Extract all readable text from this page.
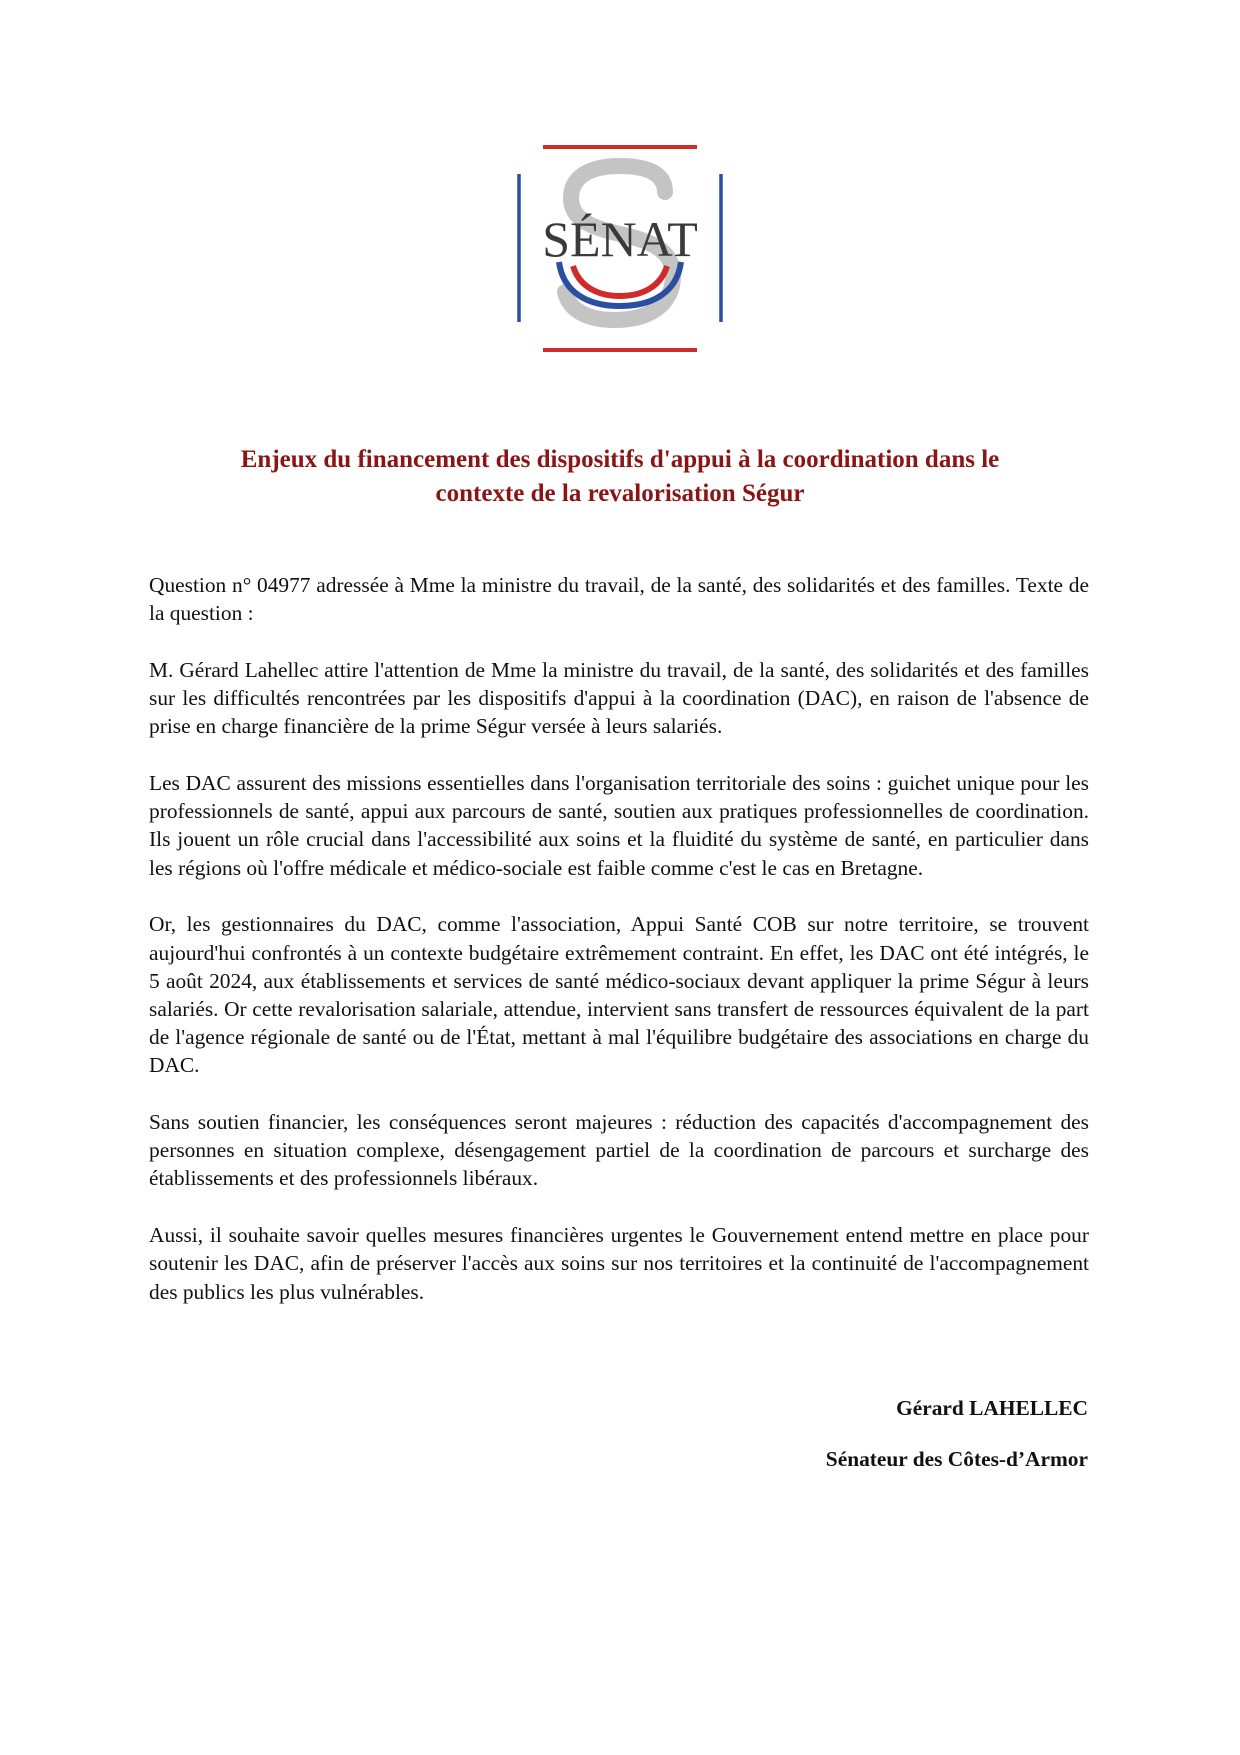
SÉNAT
Enjeux du financement des dispositifs d'appui à la coordination dans le
contexte de la revalorisation Ségur

Question n° 04977 adressée à Mme la ministre du travail, de la santé, des solidarités et des familles. Texte de la question :

M. Gérard Lahellec attire l'attention de Mme la ministre du travail, de la santé, des solidarités et des familles sur les difficultés rencontrées par les dispositifs d'appui à la coordination (DAC), en raison de l'absence de prise en charge financière de la prime Ségur versée à leurs salariés.

Les DAC assurent des missions essentielles dans l'organisation territoriale des soins : guichet unique pour les professionnels de santé, appui aux parcours de santé, soutien aux pratiques professionnelles de coordination. Ils jouent un rôle crucial dans l'accessibilité aux soins et la fluidité du système de santé, en particulier dans les régions où l'offre médicale et médico-sociale est faible comme c'est le cas en Bretagne.

Or, les gestionnaires du DAC, comme l'association, Appui Santé COB sur notre territoire, se trouvent aujourd'hui confrontés à un contexte budgétaire extrêmement contraint. En effet, les DAC ont été intégrés, le 5 août 2024, aux établissements et services de santé médico-sociaux devant appliquer la prime Ségur à leurs salariés. Or cette revalorisation salariale, attendue, intervient sans transfert de ressources équivalent de la part de l'agence régionale de santé ou de l'État, mettant à mal l'équilibre budgétaire des associations en charge du DAC.

Sans soutien financier, les conséquences seront majeures : réduction des capacités d'accompagnement des personnes en situation complexe, désengagement partiel de la coordination de parcours et surcharge des établissements et des professionnels libéraux.

Aussi, il souhaite savoir quelles mesures financières urgentes le Gouvernement entend mettre en place pour soutenir les DAC, afin de préserver l'accès aux soins sur nos territoires et la continuité de l'accompagnement des publics les plus vulnérables.

Gérard LAHELLEC

Sénateur des Côtes-d’Armor
